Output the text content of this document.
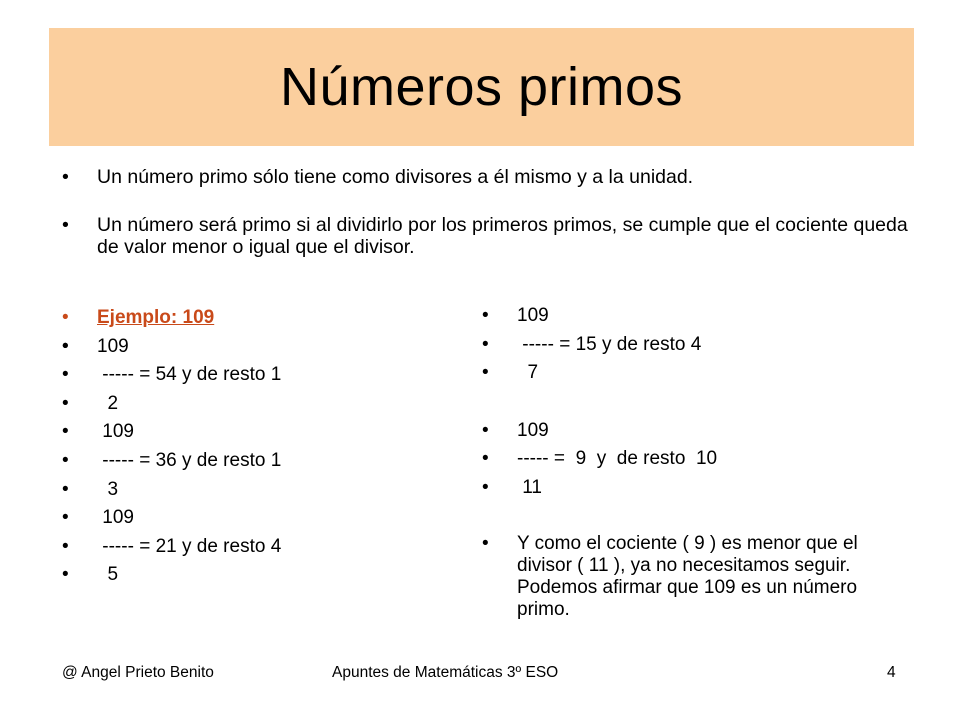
Números primos
• Un número primo sólo tiene como divisores a él mismo y a la unidad.
• Un número será primo si al dividirlo por los primeros primos, se cumple que el cociente queda de valor menor o igual que el divisor.
• Ejemplo: 109
• 109
•  ----- = 54 y de resto 1
•   2
•  109
•  ----- = 36 y de resto 1
•   3
•  109
•  ----- = 21 y de resto 4
•   5
• 109
•  ----- = 15 y de resto 4
•   7
• 109
• ----- =  9  y  de resto  10
•  11
• Y como el cociente ( 9 ) es menor que el divisor ( 11 ), ya no necesitamos seguir. Podemos afirmar que 109 es un número primo.
@ Angel Prieto Benito	Apuntes de Matemáticas 3º ESO	4
